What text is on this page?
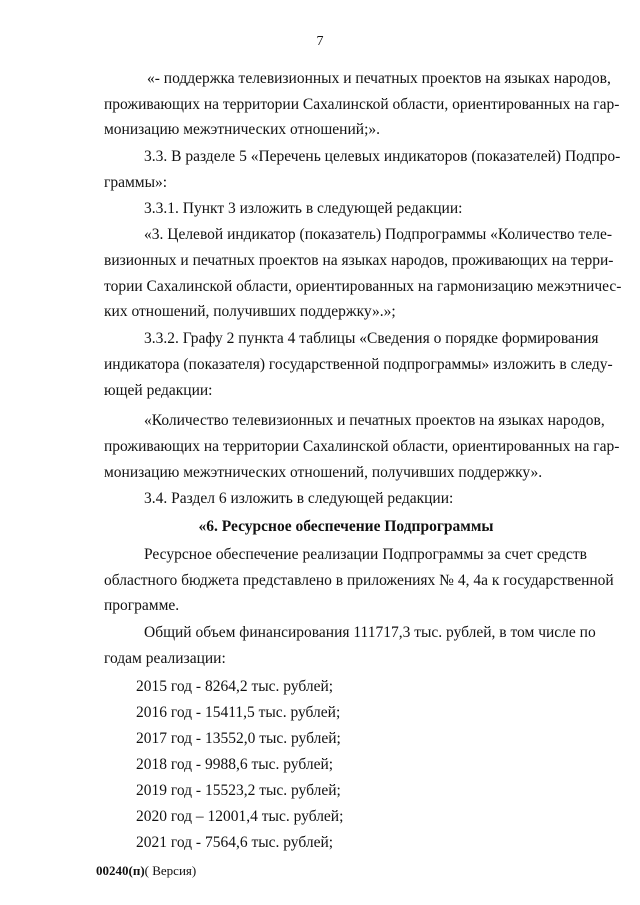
7
«- поддержка телевизионных и печатных проектов на языках народов,
проживающих на территории Сахалинской области, ориентированных на гар-
монизацию межэтнических отношений;».
3.3. В разделе 5 «Перечень целевых индикаторов (показателей) Подпро-
граммы»:
3.3.1. Пункт 3 изложить в следующей редакции:
«3. Целевой индикатор (показатель) Подпрограммы «Количество теле-
визионных и печатных проектов на языках народов, проживающих на терри-
тории Сахалинской области, ориентированных на гармонизацию межэтничес-
ких отношений, получивших поддержку».»;
3.3.2. Графу 2 пункта 4 таблицы «Сведения о порядке формирования
индикатора (показателя) государственной подпрограммы» изложить в следу-
ющей редакции:
«Количество телевизионных и печатных проектов на языках народов,
проживающих на территории Сахалинской области, ориентированных на гар-
монизацию межэтнических отношений, получивших поддержку».
3.4. Раздел 6 изложить в следующей редакции:
«6. Ресурсное обеспечение Подпрограммы
Ресурсное обеспечение реализации Подпрограммы за счет средств
областного бюджета представлено в приложениях № 4, 4а к государственной
программе.
Общий объем финансирования 111717,3 тыс. рублей, в том числе по
годам реализации:
2015 год - 8264,2 тыс. рублей;
2016 год - 15411,5 тыс. рублей;
2017 год - 13552,0 тыс. рублей;
2018 год - 9988,6 тыс. рублей;
2019 год - 15523,2 тыс. рублей;
2020 год – 12001,4 тыс. рублей;
2021 год - 7564,6 тыс. рублей;
00240(п)( Версия)
